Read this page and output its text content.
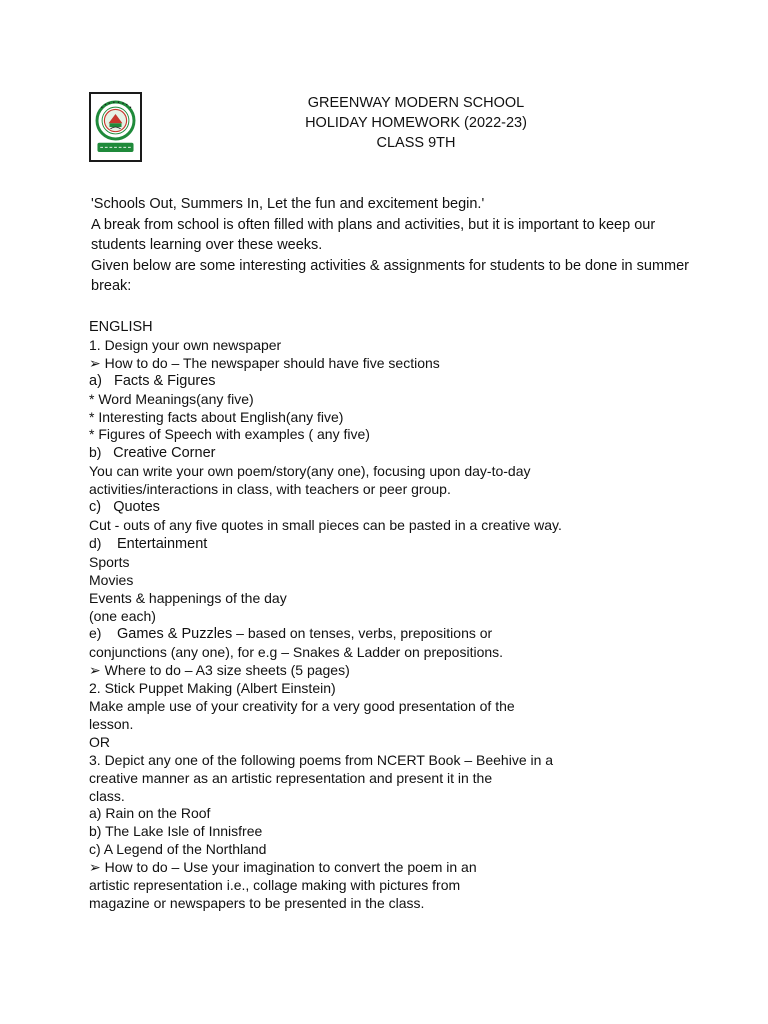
GREENWAY MODERN SCHOOL
HOLIDAY HOMEWORK (2022-23)
CLASS 9TH

'Schools Out, Summers In, Let the fun and excitement begin.'

A break from school is often filled with plans and activities, but it is important to keep our students learning over these weeks.

Given below are some interesting activities & assignments for students to be done in summer break:

ENGLISH
1. Design your own newspaper
➢ How to do – The newspaper should have five sections
a) Facts & Figures
* Word Meanings(any five)
* Interesting facts about English(any five)
* Figures of Speech with examples ( any five)
b) Creative Corner
You can write your own poem/story(any one), focusing upon day-to-day
activities/interactions in class, with teachers or peer group.
c) Quotes
Cut - outs of any five quotes in small pieces can be pasted in a creative way.
d) Entertainment
Sports
Movies
Events & happenings of the day
(one each)
e) Games & Puzzles – based on tenses, verbs, prepositions or
conjunctions (any one), for e.g – Snakes & Ladder on prepositions.
➢ Where to do – A3 size sheets (5 pages)
2. Stick Puppet Making (Albert Einstein)
Make ample use of your creativity for a very good presentation of the
lesson.
OR
3. Depict any one of the following poems from NCERT Book – Beehive in a
creative manner as an artistic representation and present it in the
class.
a) Rain on the Roof
b) The Lake Isle of Innisfree
c) A Legend of the Northland
➢ How to do – Use your imagination to convert the poem in an
artistic representation i.e., collage making with pictures from
magazine or newspapers to be presented in the class.
